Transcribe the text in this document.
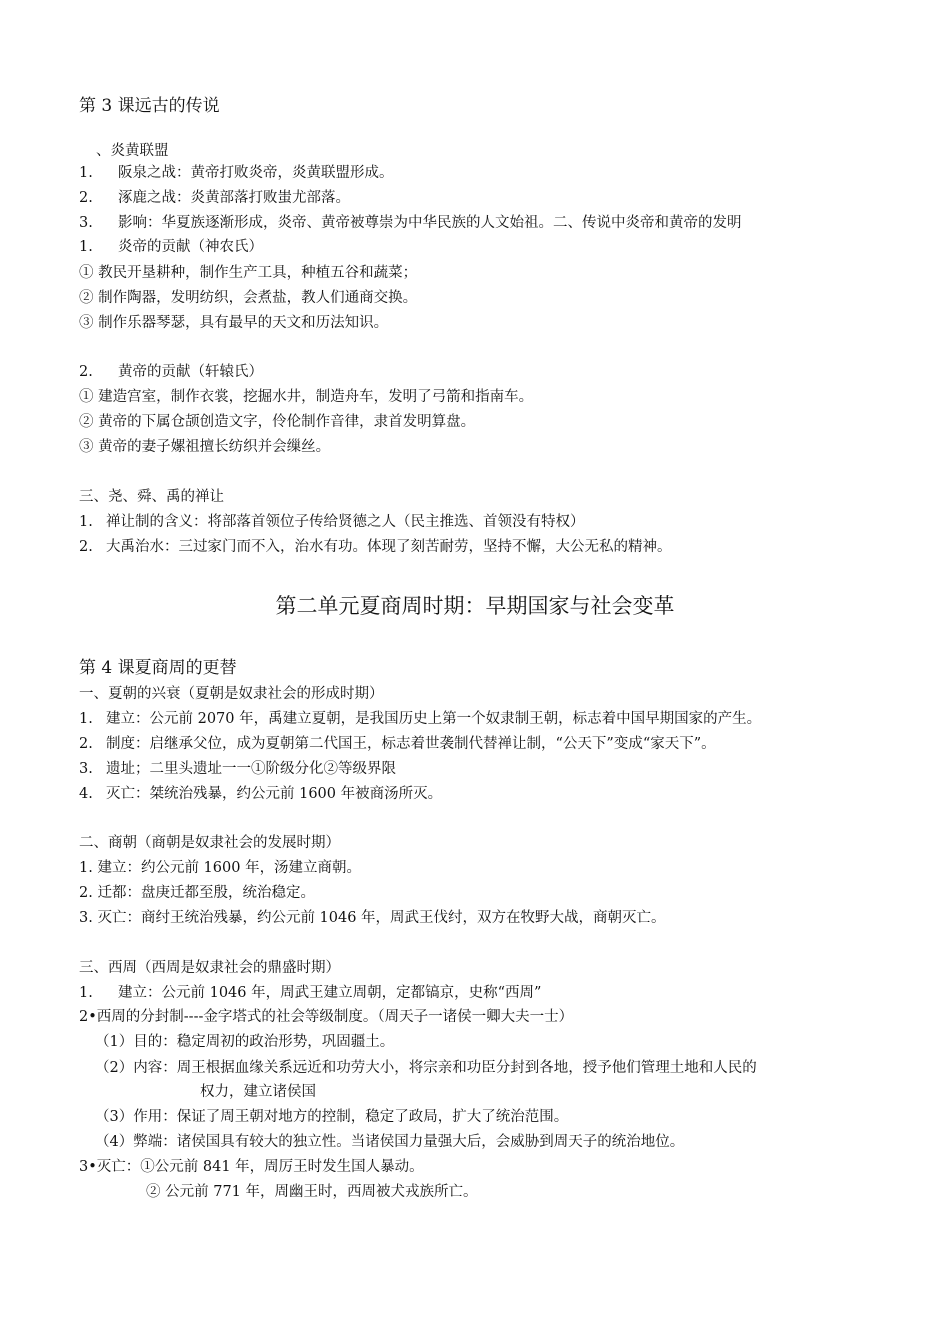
第 3 课远古的传说
、炎黄联盟
1. 阪泉之战：黄帝打败炎帝，炎黄联盟形成。
2. 涿鹿之战：炎黄部落打败蚩尤部落。
3. 影响：华夏族逐渐形成，炎帝、黄帝被尊崇为中华民族的人文始祖。二、传说中炎帝和黄帝的发明
1. 炎帝的贡献（神农氏）
① 教民开垦耕种，制作生产工具，种植五谷和蔬菜；
② 制作陶器，发明纺织，会煮盐，教人们通商交换。
③ 制作乐器琴瑟，具有最早的天文和历法知识。
2. 黄帝的贡献（轩辕氏）
① 建造宫室，制作衣裳，挖掘水井，制造舟车，发明了弓箭和指南车。
② 黄帝的下属仓颉创造文字，伶伦制作音律，隶首发明算盘。
③ 黄帝的妻子嫘祖擅长纺织并会缫丝。
三、尧、舜、禹的禅让
1. 禅让制的含义：将部落首领位子传给贤德之人（民主推选、首领没有特权）
2. 大禹治水：三过家门而不入，治水有功。体现了刻苦耐劳，坚持不懈，大公无私的精神。
第二单元夏商周时期：早期国家与社会变革
第 4 课夏商周的更替
一、夏朝的兴衰（夏朝是奴隶社会的形成时期）
1. 建立：公元前 2070 年，禹建立夏朝，是我国历史上第一个奴隶制王朝，标志着中国早期国家的产生。
2. 制度：启继承父位，成为夏朝第二代国王，标志着世袭制代替禅让制，“公天下”变成“家天下”。
3. 遗址；二里头遗址一一①阶级分化②等级界限
4. 灭亡：桀统治残暴，约公元前 1600 年被商汤所灭。
二、商朝（商朝是奴隶社会的发展时期）
1. 建立：约公元前 1600 年，汤建立商朝。
2. 迁都：盘庚迁都至殷，统治稳定。
3. 灭亡：商纣王统治残暴，约公元前 1046 年，周武王伐纣，双方在牧野大战，商朝灭亡。
三、西周（西周是奴隶社会的鼎盛时期）
1. 建立：公元前 1046 年，周武王建立周朝，定都镐京，史称“西周”
2•西周的分封制----金字塔式的社会等级制度。（周天子一诸侯一卿大夫一士）
（1）目的：稳定周初的政治形势，巩固疆土。
（2）内容：周王根据血缘关系远近和功劳大小，将宗亲和功臣分封到各地，授予他们管理土地和人民的
权力，建立诸侯国
（3）作用：保证了周王朝对地方的控制，稳定了政局，扩大了统治范围。
（4）弊端：诸侯国具有较大的独立性。当诸侯国力量强大后，会威胁到周天子的统治地位。
3•灭亡：①公元前 841 年，周厉王时发生国人暴动。
② 公元前 771 年，周幽王时，西周被犬戎族所亡。
